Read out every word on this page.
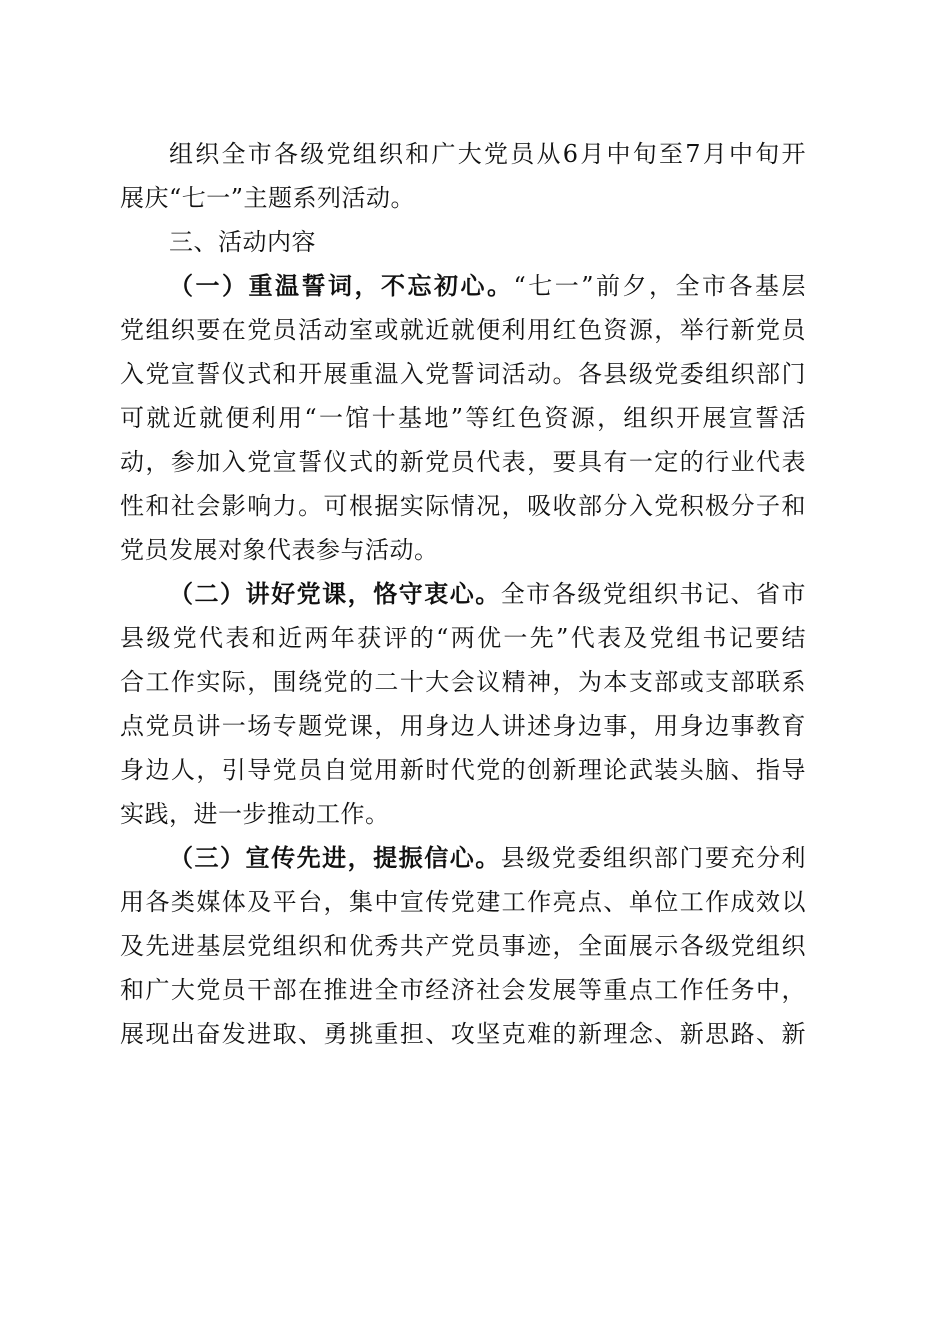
组织全市各级党组织和广大党员从6月中旬至7月中旬开
展庆“七一”主题系列活动。
三、活动内容
（一）重温誓词，不忘初心。“七一”前夕，全市各基层
党组织要在党员活动室或就近就便利用红色资源，举行新党员
入党宣誓仪式和开展重温入党誓词活动。各县级党委组织部门
可就近就便利用“一馆十基地”等红色资源，组织开展宣誓活
动，参加入党宣誓仪式的新党员代表，要具有一定的行业代表
性和社会影响力。可根据实际情况，吸收部分入党积极分子和
党员发展对象代表参与活动。
（二）讲好党课，恪守衷心。全市各级党组织书记、省市
县级党代表和近两年获评的“两优一先”代表及党组书记要结
合工作实际，围绕党的二十大会议精神，为本支部或支部联系
点党员讲一场专题党课，用身边人讲述身边事，用身边事教育
身边人，引导党员自觉用新时代党的创新理论武装头脑、指导
实践，进一步推动工作。
（三）宣传先进，提振信心。县级党委组织部门要充分利
用各类媒体及平台，集中宣传党建工作亮点、单位工作成效以
及先进基层党组织和优秀共产党员事迹，全面展示各级党组织
和广大党员干部在推进全市经济社会发展等重点工作任务中，
展现出奋发进取、勇挑重担、攻坚克难的新理念、新思路、新
